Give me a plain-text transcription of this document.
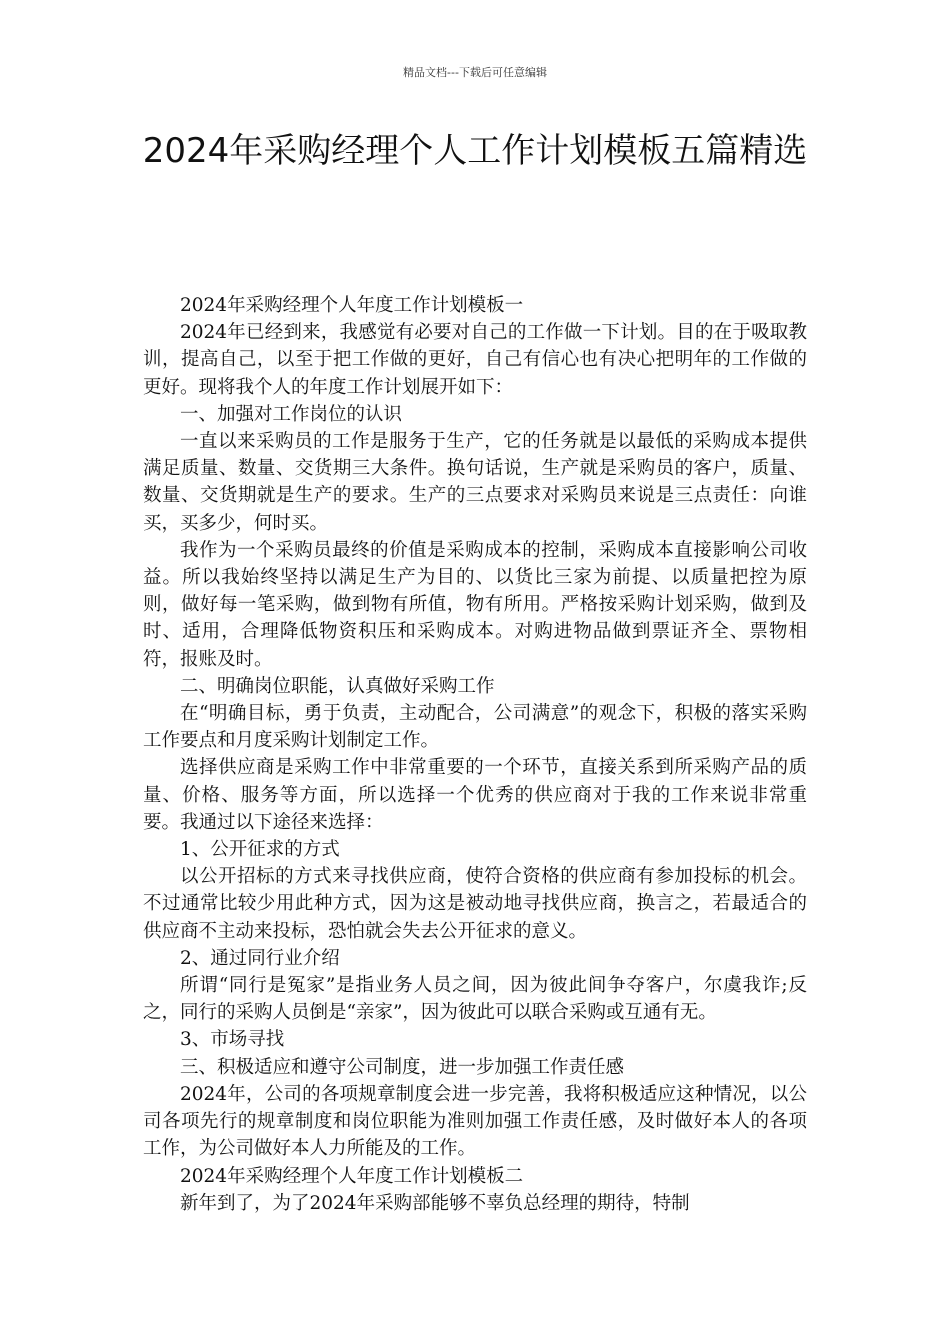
精品文档---下载后可任意编辑
2024年采购经理个人工作计划模板五篇精选

2024年采购经理个人年度工作计划模板一

2024年已经到来，我感觉有必要对自己的工作做一下计划。目的在于吸取教训，提高自己，以至于把工作做的更好，自己有信心也有决心把明年的工作做的更好。现将我个人的年度工作计划展开如下：

一、加强对工作岗位的认识

一直以来采购员的工作是服务于生产，它的任务就是以最低的采购成本提供满足质量、数量、交货期三大条件。换句话说，生产就是采购员的客户，质量、数量、交货期就是生产的要求。生产的三点要求对采购员来说是三点责任：向谁买，买多少，何时买。

我作为一个采购员最终的价值是采购成本的控制，采购成本直接影响公司收益。所以我始终坚持以满足生产为目的、以货比三家为前提、以质量把控为原则，做好每一笔采购，做到物有所值，物有所用。严格按采购计划采购，做到及时、适用，合理降低物资积压和采购成本。对购进物品做到票证齐全、票物相符，报账及时。

二、明确岗位职能，认真做好采购工作

在“明确目标，勇于负责，主动配合，公司满意”的观念下，积极的落实采购工作要点和月度采购计划制定工作。

选择供应商是采购工作中非常重要的一个环节，直接关系到所采购产品的质量、价格、服务等方面，所以选择一个优秀的供应商对于我的工作来说非常重要。我通过以下途径来选择：

1、公开征求的方式

以公开招标的方式来寻找供应商，使符合资格的供应商有参加投标的机会。不过通常比较少用此种方式，因为这是被动地寻找供应商，换言之，若最适合的供应商不主动来投标，恐怕就会失去公开征求的意义。

2、通过同行业介绍

所谓“同行是冤家”是指业务人员之间，因为彼此间争夺客户，尔虞我诈;反之，同行的采购人员倒是“亲家”，因为彼此可以联合采购或互通有无。

3、市场寻找

三、积极适应和遵守公司制度，进一步加强工作责任感

2024年，公司的各项规章制度会进一步完善，我将积极适应这种情况，以公司各项先行的规章制度和岗位职能为准则加强工作责任感，及时做好本人的各项工作，为公司做好本人力所能及的工作。

2024年采购经理个人年度工作计划模板二

新年到了，为了2024年采购部能够不辜负总经理的期待，特制
